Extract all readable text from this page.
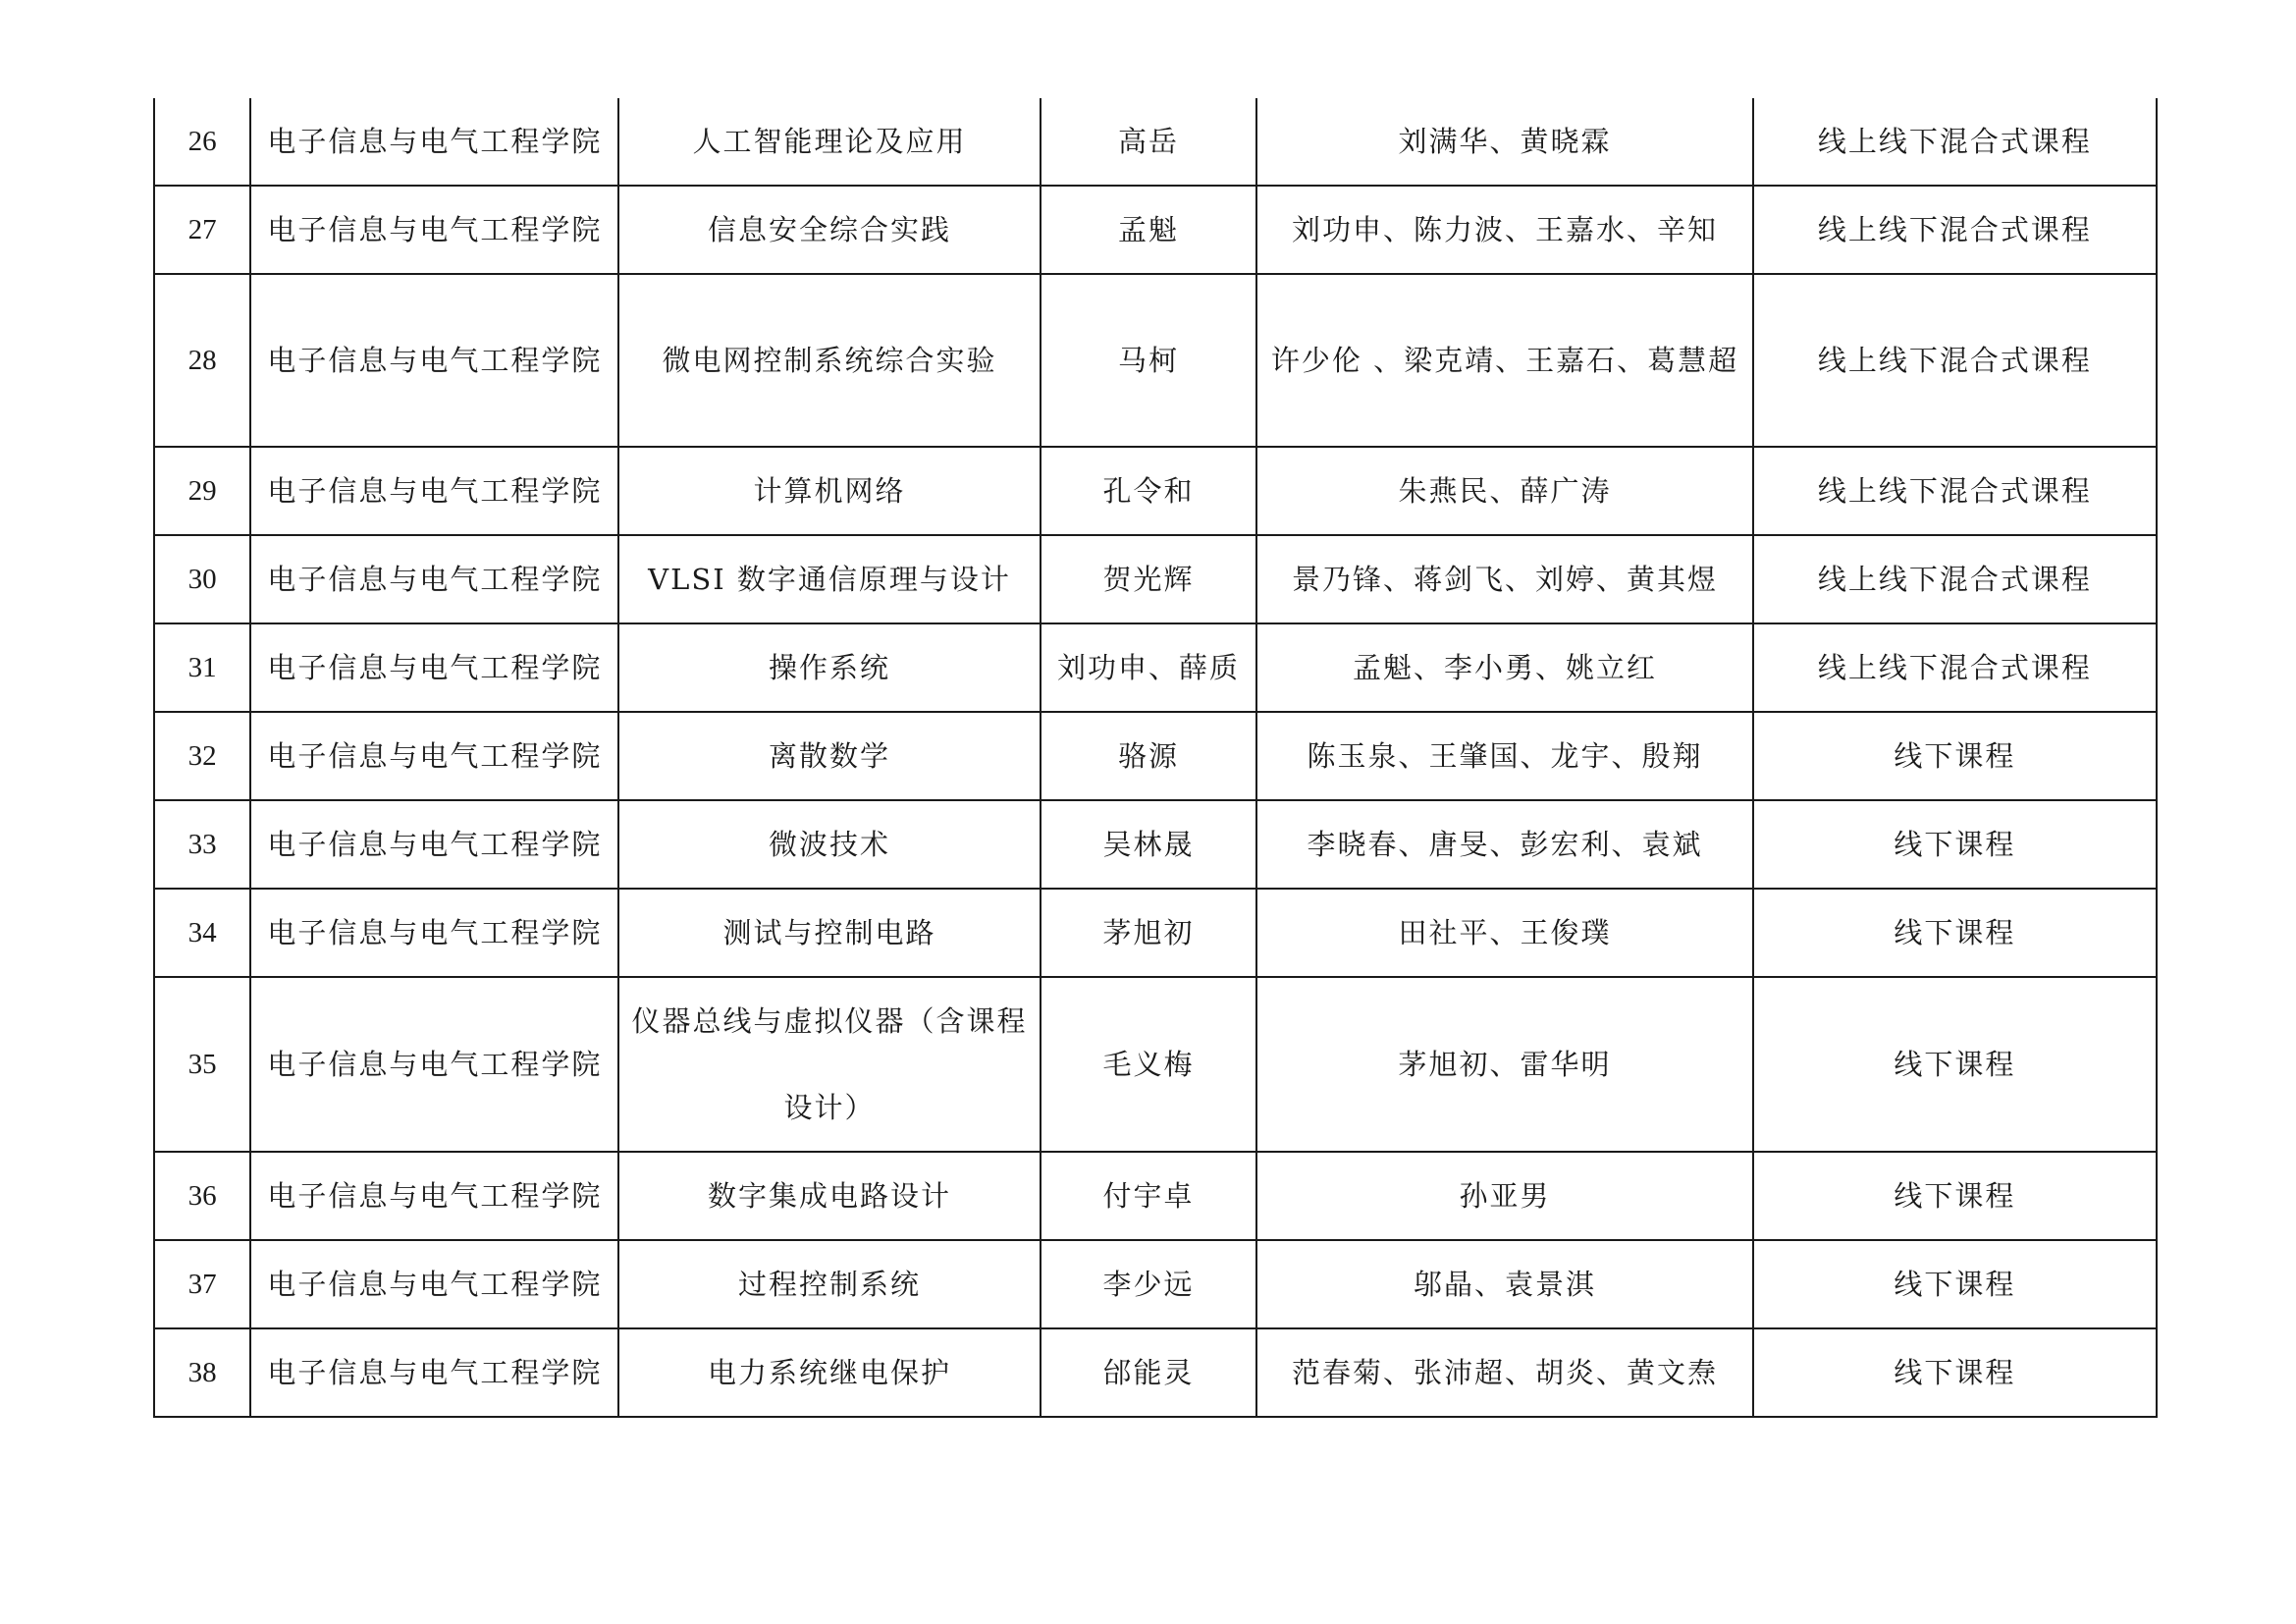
26	电子信息与电气工程学院	人工智能理论及应用	高岳	刘满华、黄晓霖	线上线下混合式课程
27	电子信息与电气工程学院	信息安全综合实践	孟魁	刘功申、陈力波、王嘉水、辛知	线上线下混合式课程
28	电子信息与电气工程学院	微电网控制系统综合实验	马柯	许少伦 、梁克靖、王嘉石、葛慧超	线上线下混合式课程
29	电子信息与电气工程学院	计算机网络	孔令和	朱燕民、薛广涛	线上线下混合式课程
30	电子信息与电气工程学院	VLSI 数字通信原理与设计	贺光辉	景乃锋、蒋剑飞、刘婷、黄其煜	线上线下混合式课程
31	电子信息与电气工程学院	操作系统	刘功申、薛质	孟魁、李小勇、姚立红	线上线下混合式课程
32	电子信息与电气工程学院	离散数学	骆源	陈玉泉、王肇国、龙宇、殷翔	线下课程
33	电子信息与电气工程学院	微波技术	吴林晟	李晓春、唐旻、彭宏利、袁斌	线下课程
34	电子信息与电气工程学院	测试与控制电路	茅旭初	田社平、王俊璞	线下课程
35	电子信息与电气工程学院	仪器总线与虚拟仪器（含课程设计）	毛义梅	茅旭初、雷华明	线下课程
36	电子信息与电气工程学院	数字集成电路设计	付宇卓	孙亚男	线下课程
37	电子信息与电气工程学院	过程控制系统	李少远	邬晶、袁景淇	线下课程
38	电子信息与电气工程学院	电力系统继电保护	邰能灵	范春菊、张沛超、胡炎、黄文焘	线下课程
